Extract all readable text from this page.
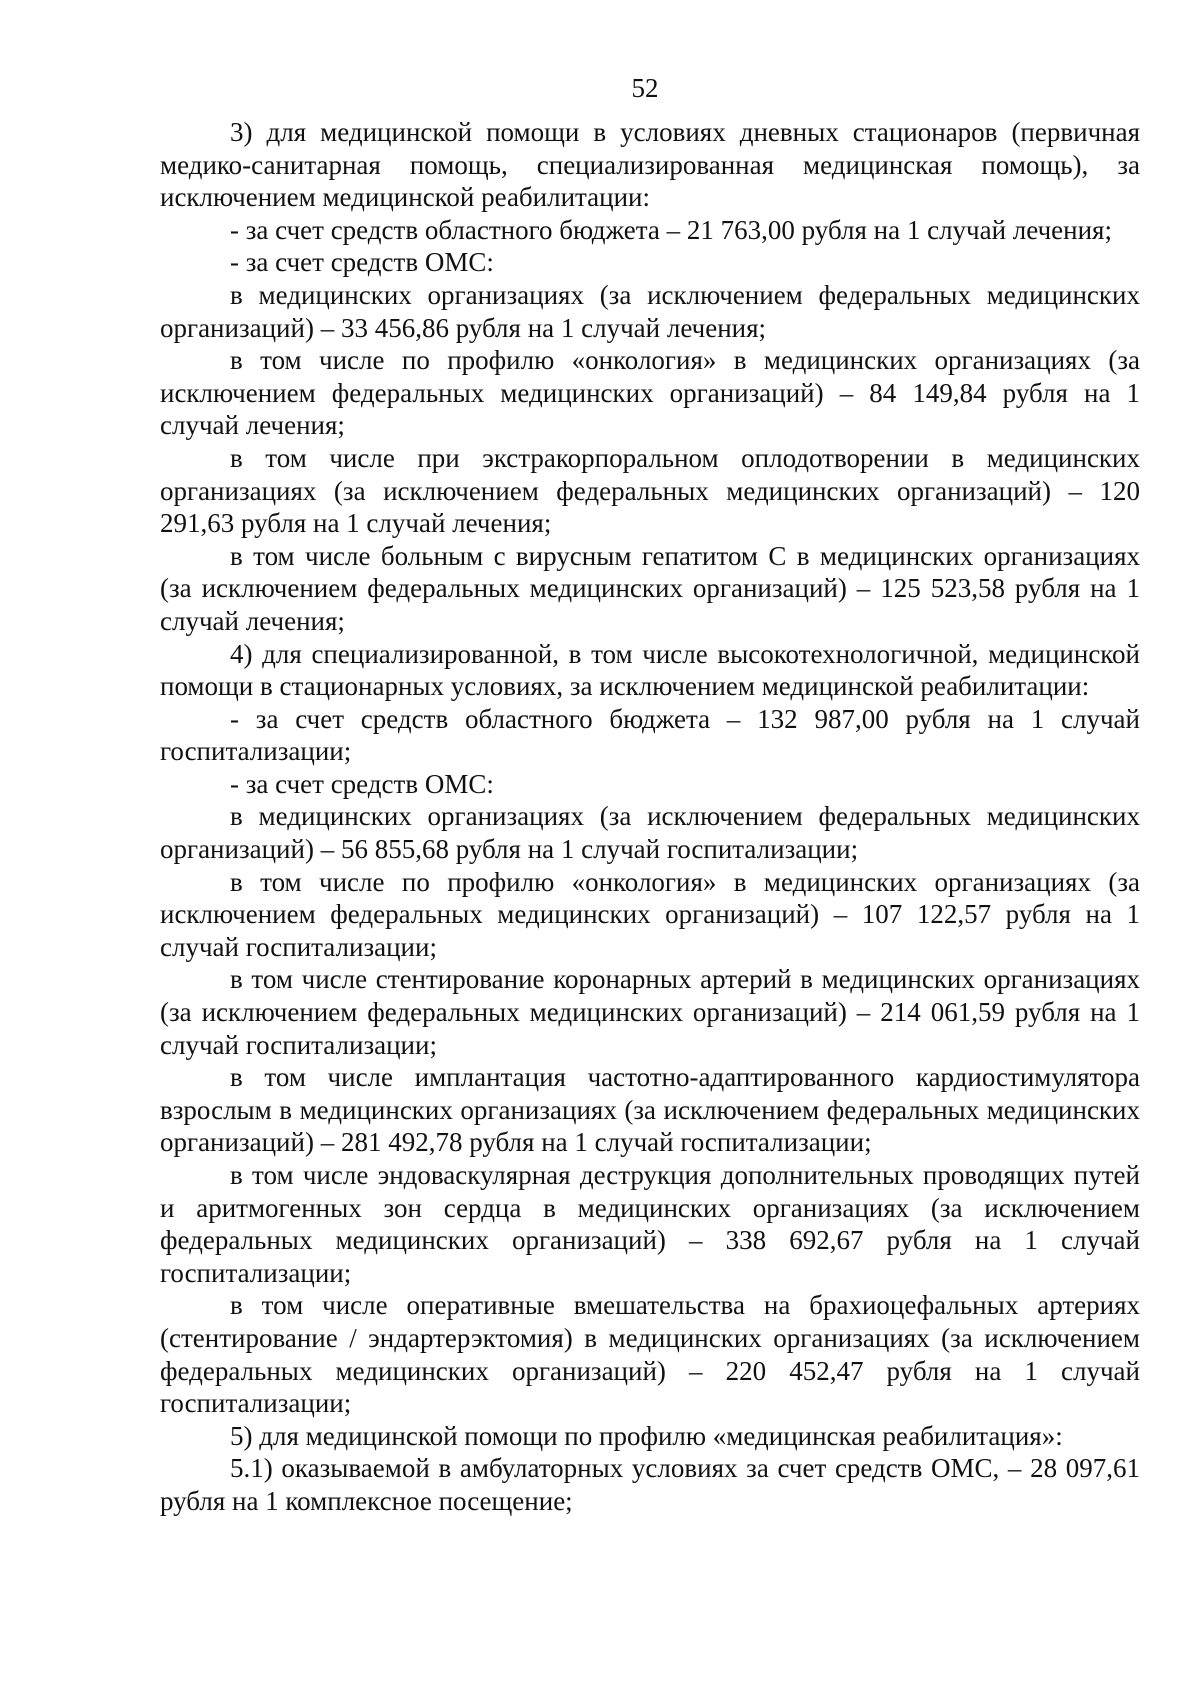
52

3) для медицинской помощи в условиях дневных стационаров (первичная медико-санитарная помощь, специализированная медицинская помощь), за исключением медицинской реабилитации:

- за счет средств областного бюджета – 21 763,00 рубля на 1 случай лечения;

- за счет средств ОМС:

в медицинских организациях (за исключением федеральных медицинских организаций) – 33 456,86 рубля на 1 случай лечения;

в том числе по профилю «онкология» в медицинских организациях (за исключением федеральных медицинских организаций) – 84 149,84 рубля на 1 случай лечения;

в том числе при экстракорпоральном оплодотворении в медицинских организациях (за исключением федеральных медицинских организаций) – 120 291,63 рубля на 1 случай лечения;

в том числе больным с вирусным гепатитом С в медицинских организациях (за исключением федеральных медицинских организаций) – 125 523,58 рубля на 1 случай лечения;

4) для специализированной, в том числе высокотехнологичной, медицинской помощи в стационарных условиях, за исключением медицинской реабилитации:

- за счет средств областного бюджета – 132 987,00 рубля на 1 случай госпитализации;

- за счет средств ОМС:

в медицинских организациях (за исключением федеральных медицинских организаций) – 56 855,68 рубля на 1 случай госпитализации;

в том числе по профилю «онкология» в медицинских организациях (за исключением федеральных медицинских организаций) – 107 122,57 рубля на 1 случай госпитализации;

в том числе стентирование коронарных артерий в медицинских организациях (за исключением федеральных медицинских организаций) – 214 061,59 рубля на 1 случай госпитализации;

в том числе имплантация частотно-адаптированного кардиостимулятора взрослым в медицинских организациях (за исключением федеральных медицинских организаций) – 281 492,78 рубля на 1 случай госпитализации;

в том числе эндоваскулярная деструкция дополнительных проводящих путей и аритмогенных зон сердца в медицинских организациях (за исключением федеральных медицинских организаций) – 338 692,67 рубля на 1 случай госпитализации;

в том числе оперативные вмешательства на брахиоцефальных артериях (стентирование / эндартерэктомия) в медицинских организациях (за исключением федеральных медицинских организаций) – 220 452,47 рубля на 1 случай госпитализации;

5) для медицинской помощи по профилю «медицинская реабилитация»:

5.1) оказываемой в амбулаторных условиях за счет средств ОМС, – 28 097,61 рубля на 1 комплексное посещение;
